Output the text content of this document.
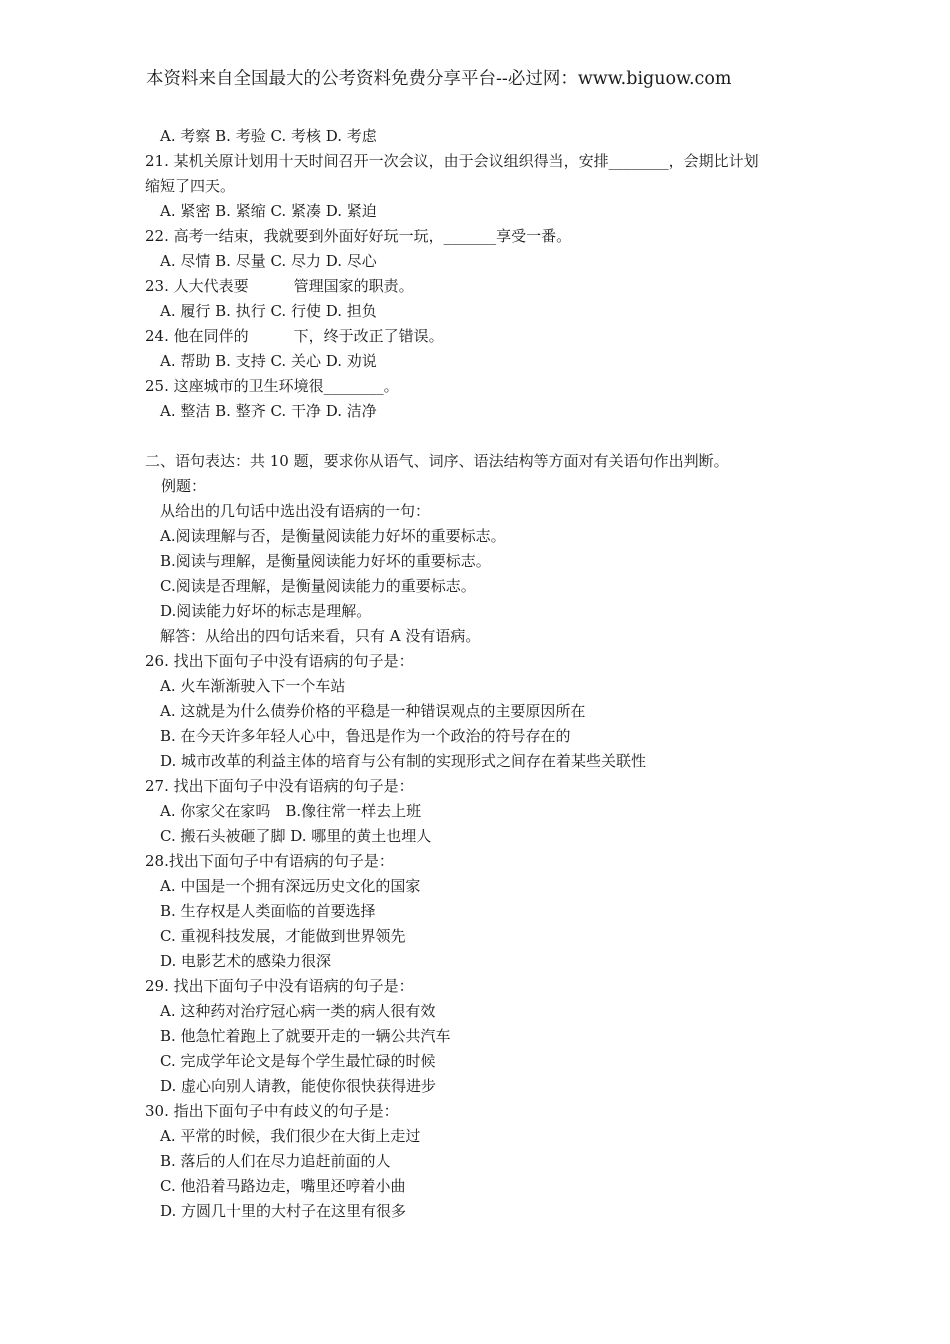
本资料来自全国最大的公考资料免费分享平台--必过网：www.biguow.com
A. 考察 B. 考验 C. 考核 D. 考虑
21. 某机关原计划用十天时间召开一次会议，由于会议组织得当，安排________，会期比计划
缩短了四天。
A. 紧密 B. 紧缩 C. 紧凑 D. 紧迫
22. 高考一结束，我就要到外面好好玩一玩，_______享受一番。
A. 尽情 B. 尽量 C. 尽力 D. 尽心
23. 人大代表要　　　管理国家的职责。
A. 履行 B. 执行 C. 行使 D. 担负
24. 他在同伴的　　　下，终于改正了错误。
A. 帮助 B. 支持 C. 关心 D. 劝说
25. 这座城市的卫生环境很________。
A. 整洁 B. 整齐 C. 干净 D. 洁净
二、语句表达：共 10 题，要求你从语气、词序、语法结构等方面对有关语句作出判断。
例题：
从给出的几句话中选出没有语病的一句：
A.阅读理解与否，是衡量阅读能力好坏的重要标志。
B.阅读与理解，是衡量阅读能力好坏的重要标志。
C.阅读是否理解，是衡量阅读能力的重要标志。
D.阅读能力好坏的标志是理解。
解答：从给出的四句话来看，只有 A 没有语病。
26. 找出下面句子中没有语病的句子是：
A. 火车渐渐驶入下一个车站
A. 这就是为什么债券价格的平稳是一种错误观点的主要原因所在
B. 在今天许多年轻人心中，鲁迅是作为一个政治的符号存在的
D. 城市改革的利益主体的培育与公有制的实现形式之间存在着某些关联性
27. 找出下面句子中没有语病的句子是：
A. 你家父在家吗　B.像往常一样去上班
C. 搬石头被砸了脚 D. 哪里的黄土也埋人
28.找出下面句子中有语病的句子是：
A. 中国是一个拥有深远历史文化的国家
B. 生存权是人类面临的首要选择
C. 重视科技发展，才能做到世界领先
D. 电影艺术的感染力很深
29. 找出下面句子中没有语病的句子是：
A. 这种药对治疗冠心病一类的病人很有效
B. 他急忙着跑上了就要开走的一辆公共汽车
C. 完成学年论文是每个学生最忙碌的时候
D. 虚心向别人请教，能使你很快获得进步
30. 指出下面句子中有歧义的句子是：
A. 平常的时候，我们很少在大街上走过
B. 落后的人们在尽力追赶前面的人
C. 他沿着马路边走，嘴里还哼着小曲
D. 方圆几十里的大村子在这里有很多
